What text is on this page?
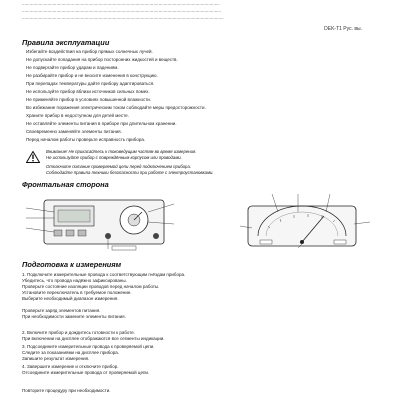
...........................................................................................................................................................
............................................................................................................................................................
..............................................................................................................................................................
DEK-Т1 Рус. вы.
Правила эксплуатации
• Избегайте воздействия на прибор прямых солнечных лучей.
• Не допускайте попадания на прибор посторонних жидкостей и веществ.
• Не подвергайте прибор ударам и падениям.
• Не разбирайте прибор и не вносите изменения в конструкцию.
• При перепадах температуры дайте прибору адаптироваться.
• Не используйте прибор вблизи источников сильных помех.
• Не применяйте прибор в условиях повышенной влажности.
• Во избежание поражения электрическим током соблюдайте меры предосторожности.
• Храните прибор в недоступном для детей месте.
• Не оставляйте элементы питания в приборе при длительном хранении.
• Своевременно заменяйте элементы питания.
• Перед началом работы проверьте исправность прибора.
Внимание! Не прикасайтесь к токоведущим частям во время измерения.
Не используйте прибор с повреждённым корпусом или проводами.
Отключите питание проверяемой цепи перед подключением прибора.
Соблюдайте правила техники безопасности при работе с электроустановками.
Фронтальная сторона
Подготовка к измерениям
1. Подключите измерительные провода к соответствующим гнёздам прибора.
Убедитесь, что провода надёжно зафиксированы.
Проверьте состояние изоляции проводов перед началом работы.
Установите переключатель в требуемое положение.
Выберите необходимый диапазон измерения.
Проверьте заряд элементов питания.
При необходимости замените элементы питания.
2. Включите прибор и дождитесь готовности к работе.
При включении на дисплее отображаются все сегменты индикации.
3. Подсоедините измерительные провода к проверяемой цепи.
Следите за показаниями на дисплее прибора.
Запишите результат измерения.
4. Завершите измерение и отключите прибор.
Отсоедините измерительные провода от проверяемой цепи.
Повторите процедуру при необходимости.
